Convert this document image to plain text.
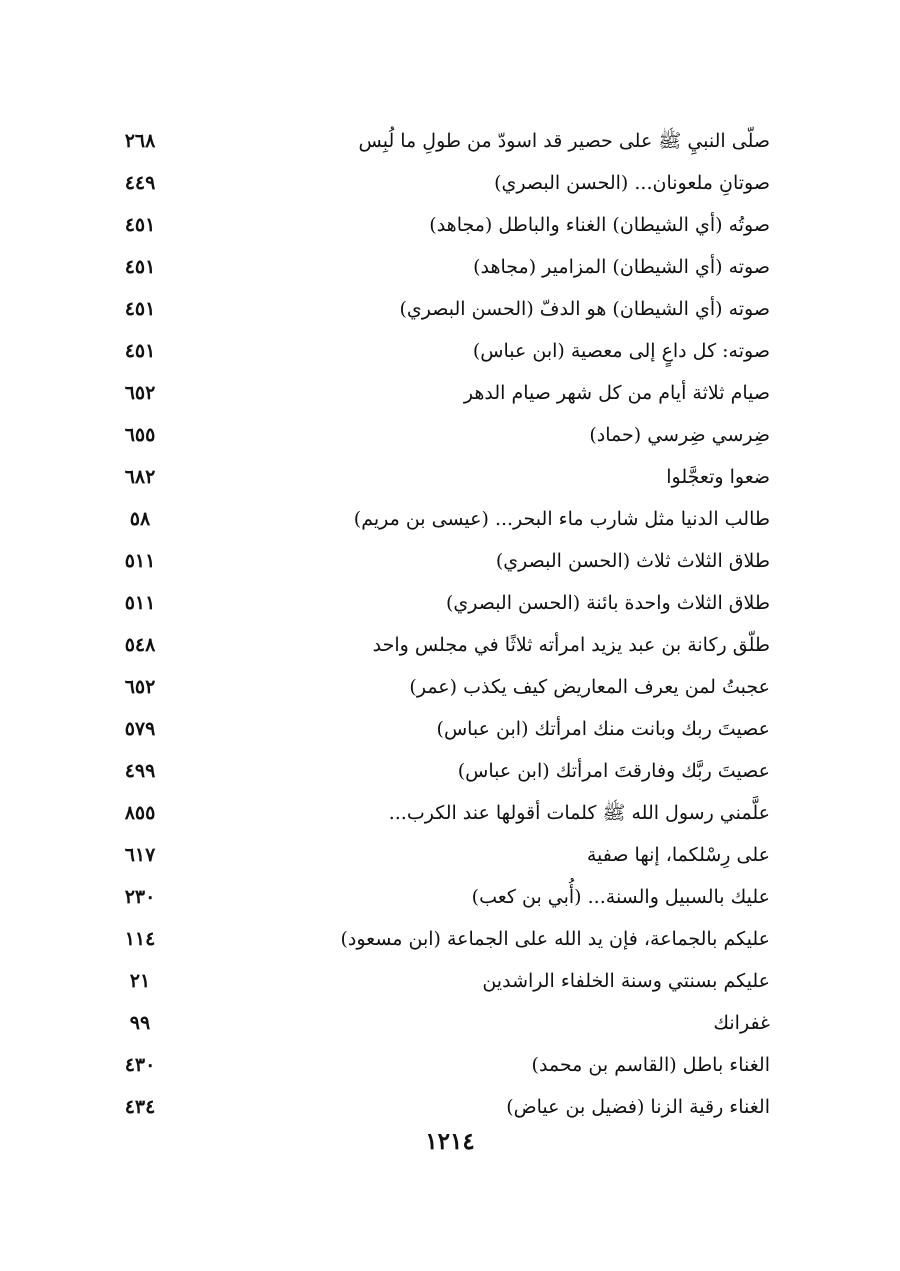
صلّى النبيِ ﷺ على حصير قد اسودّ من طولِ ما لُبِس
٢٦٨
صوتانِ ملعونان... (الحسن البصري)
٤٤٩
صوتُه (أي الشيطان) الغناء والباطل (مجاهد)
٤٥١
صوته (أي الشيطان) المزامير (مجاهد)
٤٥١
صوته (أي الشيطان) هو الدفّ (الحسن البصري)
٤٥١
صوته: كل داعٍ إلى معصية (ابن عباس)
٤٥١
صيام ثلاثة أيام من كل شهر صيام الدهر
٦٥٢
ضِرسي ضِرسي (حماد)
٦٥٥
ضعوا وتعجَّلوا
٦٨٢
طالب الدنيا مثل شارب ماء البحر... (عيسى بن مريم)
٥٨
طلاق الثلاث ثلاث (الحسن البصري)
٥١١
طلاق الثلاث واحدة بائنة (الحسن البصري)
٥١١
طلّق ركانة بن عبد يزيد امرأته ثلاثًا في مجلس واحد
٥٤٨
عجبتُ لمن يعرف المعاريض كيف يكذب (عمر)
٦٥٢
عصيتَ ربك وبانت منك امرأتك (ابن عباس)
٥٧٩
عصيتَ ربَّك وفارقتَ امرأتك (ابن عباس)
٤٩٩
علَّمني رسول الله ﷺ كلمات أقولها عند الكرب...
٨٥٥
على رِسْلكما، إنها صفية
٦١٧
عليك بالسبيل والسنة... (أُبي بن كعب)
٢٣٠
عليكم بالجماعة، فإن يد الله على الجماعة (ابن مسعود)
١١٤
عليكم بسنتي وسنة الخلفاء الراشدين
٢١
غفرانك
٩٩
الغناء باطل (القاسم بن محمد)
٤٣٠
الغناء رقية الزنا (فضيل بن عياض)
٤٣٤
١٢١٤
